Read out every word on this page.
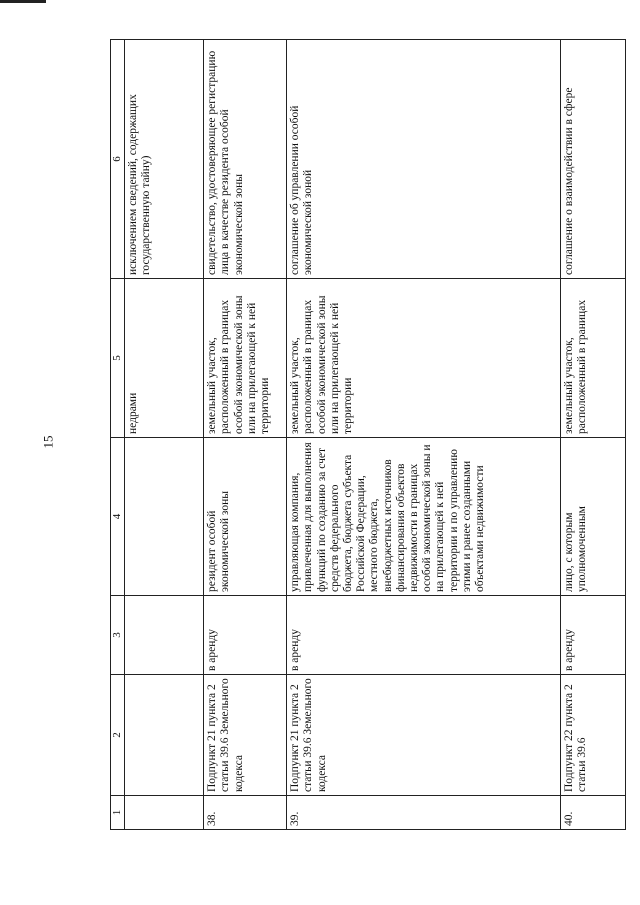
15
1	2	3	4	5	6
				недрами	исключением сведений, содержащих государственную тайну)
38.	Подпункт 21 пункта 2 статьи 39.6 Земельного кодекса	в аренду	резидент особой экономической зоны	земельный участок, расположенный в границах особой экономической зоны или на прилегающей к ней территории	свидетельство, удостоверяющее регистрацию лица в качестве резидента особой экономической зоны
39.	Подпункт 21 пункта 2 статьи 39.6 Земельного кодекса	в аренду	управляющая компания, привлеченная для выполнения функций по созданию за счет средств федерального бюджета, бюджета субъекта Российской Федерации, местного бюджета, внебюджетных источников финансирования объектов недвижимости в границах особой экономической зоны и на прилегающей к ней территории и по управлению этими и ранее созданными объектами недвижимости	земельный участок, расположенный в границах особой экономической зоны или на прилегающей к ней территории	соглашение об управлении особой экономической зоной
40.	Подпункт 22 пункта 2 статьи 39.6	в аренду	лицо, с которым уполномоченным	земельный участок, расположенный в границах	соглашение о взаимодействии в сфере
